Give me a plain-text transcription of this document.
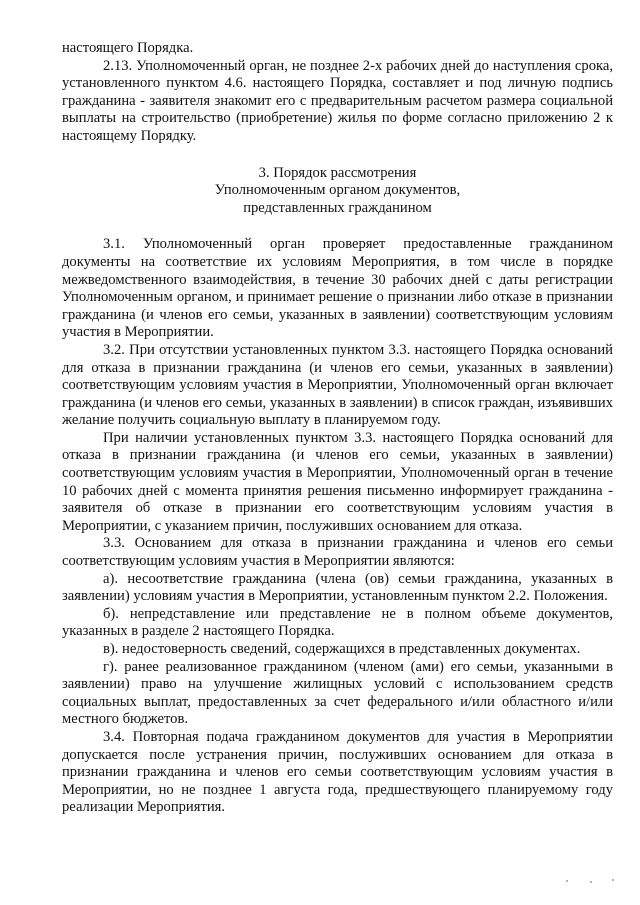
настоящего Порядка.

2.13. Уполномоченный орган, не позднее 2-х рабочих дней до наступления срока, установленного пунктом 4.6. настоящего Порядка, составляет и под личную подпись гражданина - заявителя знакомит его с предварительным расчетом размера социальной выплаты на строительство (приобретение) жилья по форме согласно приложению 2 к настоящему Порядку.

3. Порядок рассмотрения
Уполномоченным органом документов,
представленных гражданином

3.1. Уполномоченный орган проверяет предоставленные гражданином документы на соответствие их условиям Мероприятия, в том числе в порядке межведомственного взаимодействия, в течение 30 рабочих дней с даты регистрации Уполномоченным органом, и принимает решение о признании либо отказе в признании гражданина (и членов его семьи, указанных в заявлении) соответствующим условиям участия в Мероприятии.

3.2. При отсутствии установленных пунктом 3.3. настоящего Порядка оснований для отказа в признании гражданина (и членов его семьи, указанных в заявлении) соответствующим условиям участия в Мероприятии, Уполномоченный орган включает гражданина (и членов его семьи, указанных в заявлении) в список граждан, изъявивших желание получить социальную выплату в планируемом году.

При наличии установленных пунктом 3.3. настоящего Порядка оснований для отказа в признании гражданина (и членов его семьи, указанных в заявлении) соответствующим условиям участия в Мероприятии, Уполномоченный орган в течение 10 рабочих дней с момента принятия решения письменно информирует гражданина - заявителя об отказе в признании его соответствующим условиям участия в Мероприятии, с указанием причин, послуживших основанием для отказа.

3.3. Основанием для отказа в признании гражданина и членов его семьи соответствующим условиям участия в Мероприятии являются:

а). несоответствие гражданина (члена (ов) семьи гражданина, указанных в заявлении) условиям участия в Мероприятии, установленным пунктом 2.2. Положения.

б). непредставление или представление не в полном объеме документов, указанных в разделе 2 настоящего Порядка.

в). недостоверность сведений, содержащихся в представленных документах.

г). ранее реализованное гражданином (членом (ами) его семьи, указанными в заявлении) право на улучшение жилищных условий с использованием средств социальных выплат, предоставленных за счет федерального и/или областного и/или местного бюджетов.

3.4. Повторная подача гражданином документов для участия в Мероприятии допускается после устранения причин, послуживших основанием для отказа в признании гражданина и членов его семьи соответствующим условиям участия в Мероприятии, но не позднее 1 августа года, предшествующего планируемому году реализации Мероприятия.
